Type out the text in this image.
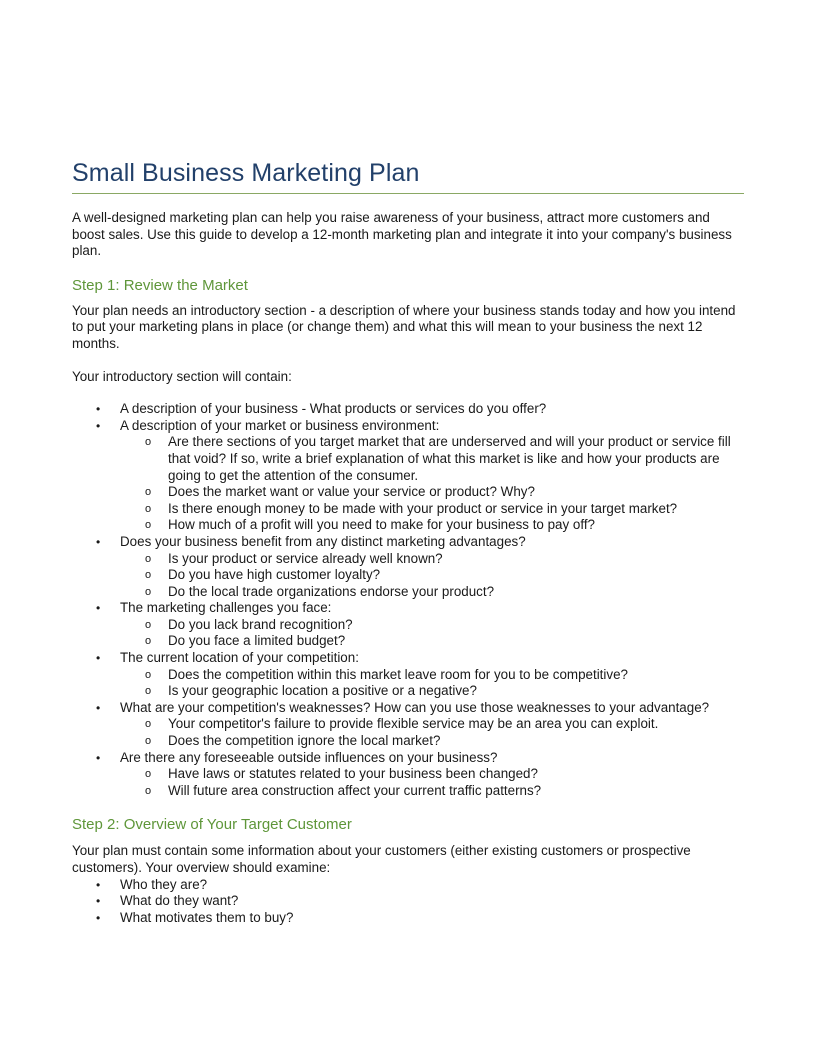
Small Business Marketing Plan

A well-designed marketing plan can help you raise awareness of your business, attract more customers and boost sales. Use this guide to develop a 12-month marketing plan and integrate it into your company's business plan.

Step 1: Review the Market

Your plan needs an introductory section - a description of where your business stands today and how you intend to put your marketing plans in place (or change them) and what this will mean to your business the next 12 months.

Your introductory section will contain:

•	A description of your business - What products or services do you offer?
•	A description of your market or business environment:
o Are there sections of you target market that are underserved and will your product or service fill that void? If so, write a brief explanation of what this market is like and how your products are going to get the attention of the consumer.
o Does the market want or value your service or product? Why?
o Is there enough money to be made with your product or service in your target market?
o How much of a profit will you need to make for your business to pay off?
•	Does your business benefit from any distinct marketing advantages?
o Is your product or service already well known?
o Do you have high customer loyalty?
o Do the local trade organizations endorse your product?
•	The marketing challenges you face:
o Do you lack brand recognition?
o Do you face a limited budget?
•	The current location of your competition:
o Does the competition within this market leave room for you to be competitive?
o Is your geographic location a positive or a negative?
•	What are your competition's weaknesses? How can you use those weaknesses to your advantage?
o Your competitor's failure to provide flexible service may be an area you can exploit.
o Does the competition ignore the local market?
•	Are there any foreseeable outside influences on your business?
o Have laws or statutes related to your business been changed?
o Will future area construction affect your current traffic patterns?
Step 2: Overview of Your Target Customer

Your plan must contain some information about your customers (either existing customers or prospective customers). Your overview should examine:

•	Who they are?
•	What do they want?
•	What motivates them to buy?
